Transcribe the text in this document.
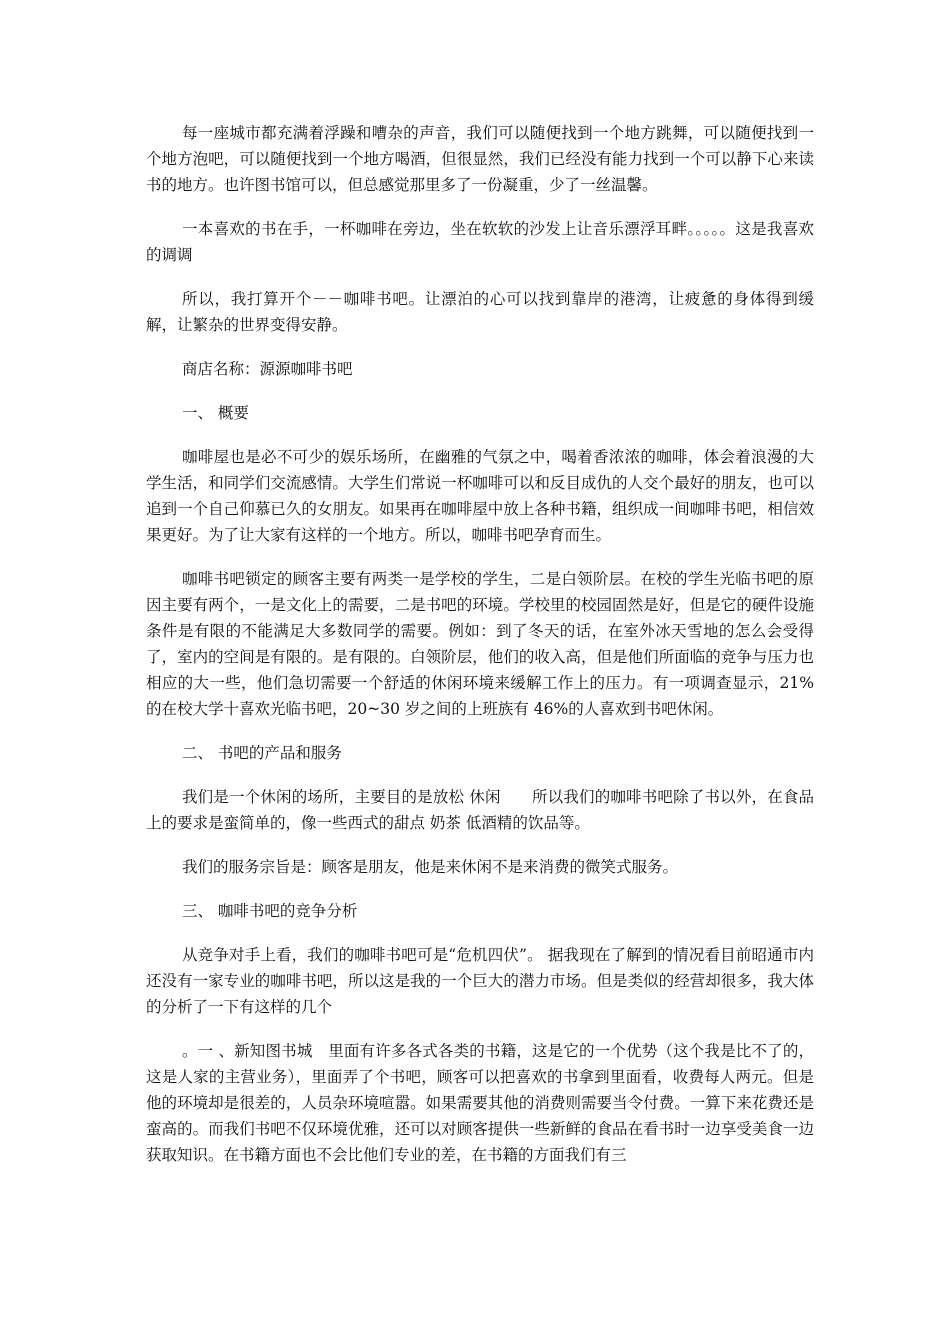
每一座城市都充满着浮躁和嘈杂的声音，我们可以随便找到一个地方跳舞，可以随便找到一个地方泡吧，可以随便找到一个地方喝酒，但很显然，我们已经没有能力找到一个可以静下心来读书的地方。也许图书馆可以，但总感觉那里多了一份凝重，少了一丝温馨。

一本喜欢的书在手，一杯咖啡在旁边，坐在软软的沙发上让音乐漂浮耳畔。。。。。这是我喜欢的调调

所以，我打算开个－－咖啡书吧。让漂泊的心可以找到靠岸的港湾，让疲惫的身体得到缓解，让繁杂的世界变得安静。

商店名称：源源咖啡书吧

一、 概要

咖啡屋也是必不可少的娱乐场所，在幽雅的气氛之中，喝着香浓浓的咖啡，体会着浪漫的大学生活，和同学们交流感情。大学生们常说一杯咖啡可以和反目成仇的人交个最好的朋友，也可以追到一个自己仰慕已久的女朋友。如果再在咖啡屋中放上各种书籍，组织成一间咖啡书吧，相信效果更好。为了让大家有这样的一个地方。所以，咖啡书吧孕育而生。

咖啡书吧锁定的顾客主要有两类一是学校的学生，二是白领阶层。在校的学生光临书吧的原因主要有两个，一是文化上的需要，二是书吧的环境。学校里的校园固然是好，但是它的硬件设施条件是有限的不能满足大多数同学的需要。例如：到了冬天的话，在室外冰天雪地的怎么会受得了，室内的空间是有限的。是有限的。白领阶层，他们的收入高，但是他们所面临的竞争与压力也相应的大一些，他们急切需要一个舒适的休闲环境来缓解工作上的压力。有一项调查显示，21%的在校大学十喜欢光临书吧，20~30 岁之间的上班族有 46%的人喜欢到书吧休闲。

二、 书吧的产品和服务

我们是一个休闲的场所，主要目的是放松 休闲　　所以我们的咖啡书吧除了书以外，在食品上的要求是蛮简单的，像一些西式的甜点 奶茶 低酒精的饮品等。

我们的服务宗旨是：顾客是朋友，他是来休闲不是来消费的微笑式服务。

三、 咖啡书吧的竞争分析

从竞争对手上看，我们的咖啡书吧可是“危机四伏”。 据我现在了解到的情况看目前昭通市内还没有一家专业的咖啡书吧，所以这是我的一个巨大的潜力市场。但是类似的经营却很多，我大体的分析了一下有这样的几个

。一 、新知图书城　里面有许多各式各类的书籍，这是它的一个优势（这个我是比不了的，这是人家的主营业务），里面弄了个书吧，顾客可以把喜欢的书拿到里面看，收费每人两元。但是他的环境却是很差的，人员杂环境喧嚣。如果需要其他的消费则需要当令付费。一算下来花费还是蛮高的。而我们书吧不仅环境优雅，还可以对顾客提供一些新鲜的食品在看书时一边享受美食一边获取知识。在书籍方面也不会比他们专业的差，在书籍的方面我们有三
